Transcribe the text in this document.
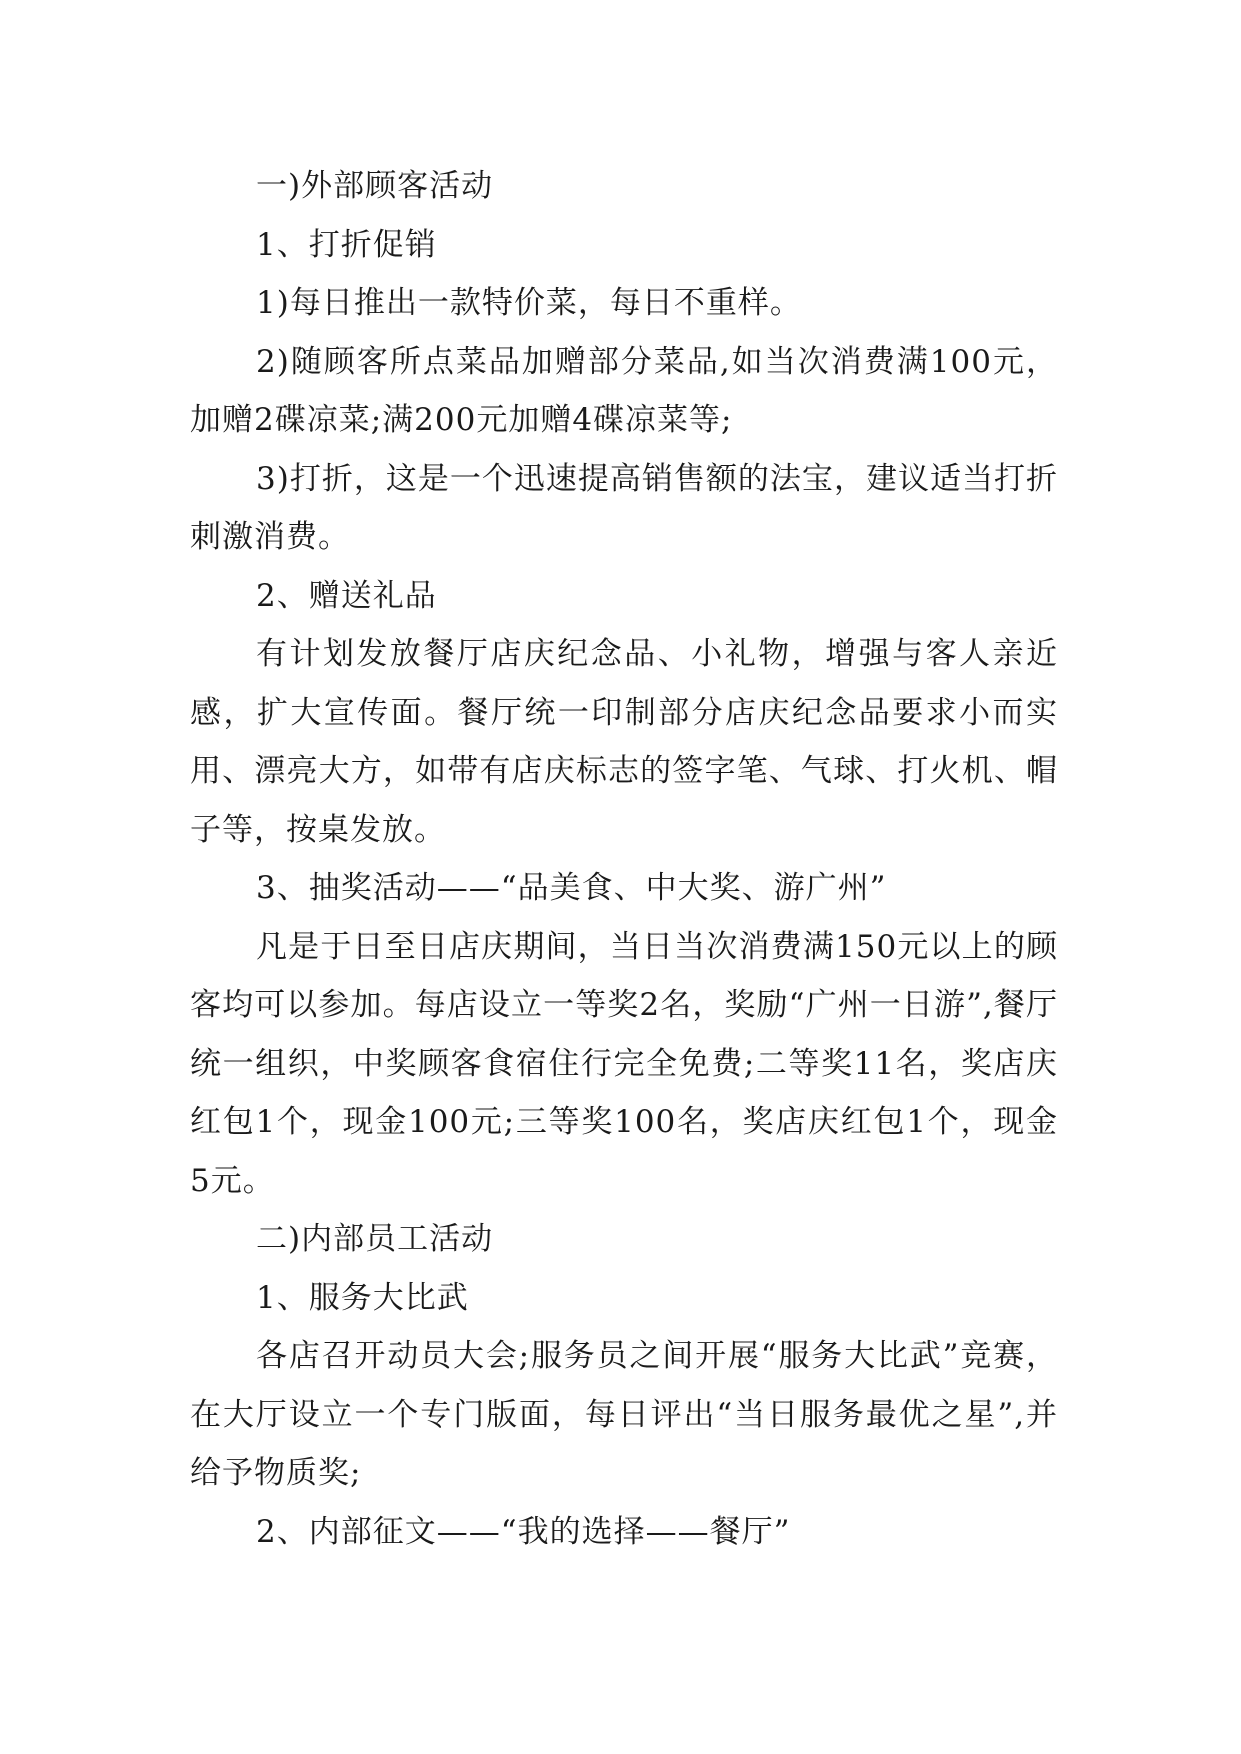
一)外部顾客活动

1、打折促销

1)每日推出一款特价菜，每日不重样。

2)随顾客所点菜品加赠部分菜品,如当次消费满100元，加赠2碟凉菜;满200元加赠4碟凉菜等;

3)打折，这是一个迅速提高销售额的法宝，建议适当打折刺激消费。

2、赠送礼品

有计划发放餐厅店庆纪念品、小礼物，增强与客人亲近感，扩大宣传面。餐厅统一印制部分店庆纪念品要求小而实用、漂亮大方，如带有店庆标志的签字笔、气球、打火机、帽子等，按桌发放。

3、抽奖活动——“品美食、中大奖、游广州”

凡是于日至日店庆期间，当日当次消费满150元以上的顾客均可以参加。每店设立一等奖2名，奖励“广州一日游”,餐厅统一组织，中奖顾客食宿住行完全免费;二等奖11名，奖店庆红包1个，现金100元;三等奖100名，奖店庆红包1个，现金5元。

二)内部员工活动

1、服务大比武

各店召开动员大会;服务员之间开展“服务大比武”竞赛，在大厅设立一个专门版面，每日评出“当日服务最优之星”,并给予物质奖;

2、内部征文——“我的选择——餐厅”
